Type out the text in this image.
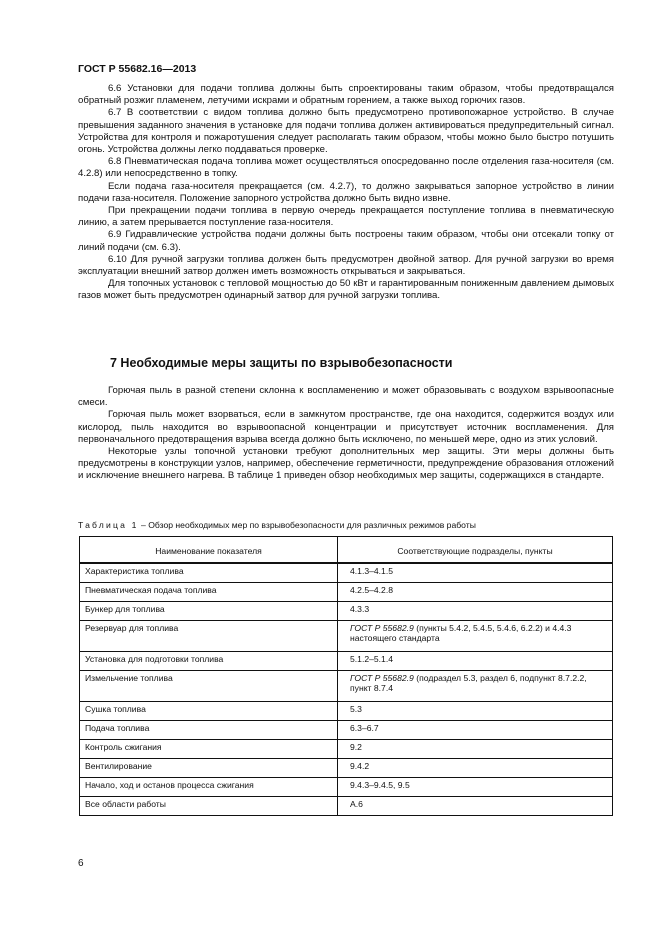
ГОСТ Р 55682.16—2013

6.6 Установки для подачи топлива должны быть спроектированы таким образом, чтобы предотвращался обратный розжиг пламенем, летучими искрами и обратным горением, а также выход горючих газов.

6.7 В соответствии с видом топлива должно быть предусмотрено противопожарное устройство. В случае превышения заданного значения в установке для подачи топлива должен активироваться предупредительный сигнал. Устройства для контроля и пожаротушения следует располагать таким образом, чтобы можно было быстро потушить огонь. Устройства должны легко поддаваться проверке.

6.8 Пневматическая подача топлива может осуществляться опосредованно после отделения газа-носителя (см. 4.2.8) или непосредственно в топку.

Если подача газа-носителя прекращается (см. 4.2.7), то должно закрываться запорное устройство в линии подачи газа-носителя. Положение запорного устройства должно быть видно извне.

При прекращении подачи топлива в первую очередь прекращается поступление топлива в пневматическую линию, а затем прерывается поступление газа-носителя.

6.9 Гидравлические устройства подачи должны быть построены таким образом, чтобы они отсекали топку от линий подачи (см. 6.3).

6.10 Для ручной загрузки топлива должен быть предусмотрен двойной затвор. Для ручной загрузки во время эксплуатации внешний затвор должен иметь возможность открываться и закрываться.

Для топочных установок с тепловой мощностью до 50 кВт и гарантированным пониженным давлением дымовых газов может быть предусмотрен одинарный затвор для ручной загрузки топлива.

7 Необходимые меры защиты по взрывобезопасности

Горючая пыль в разной степени склонна к воспламенению и может образовывать с воздухом взрывоопасные смеси.

Горючая пыль может взорваться, если в замкнутом пространстве, где она находится, содержится воздух или кислород, пыль находится во взрывоопасной концентрации и присутствует источник воспламенения. Для первоначального предотвращения взрыва всегда должно быть исключено, по меньшей мере, одно из этих условий.

Некоторые узлы топочной установки требуют дополнительных мер защиты. Эти меры должны быть предусмотрены в конструкции узлов, например, обеспечение герметичности, предупреждение образования отложений и исключение внешнего нагрева. В таблице 1 приведен обзор необходимых мер защиты, содержащихся в стандарте.

Таблица 1 – Обзор необходимых мер по взрывобезопасности для различных режимов работы
Наименование показателя	Соответствующие подразделы, пункты
Характеристика топлива	4.1.3–4.1.5
Пневматическая подача топлива	4.2.5–4.2.8
Бункер для топлива	4.3.3
Резервуар для топлива	ГОСТ Р 55682.9 (пункты 5.4.2, 5.4.5, 5.4.6, 6.2.2) и 4.4.3 настоящего стандарта
Установка для подготовки топлива	5.1.2–5.1.4
Измельчение топлива	ГОСТ Р 55682.9 (подраздел 5.3, раздел 6, подпункт 8.7.2.2, пункт 8.7.4
Сушка топлива	5.3
Подача топлива	6.3–6.7
Контроль сжигания	9.2
Вентилирование	9.4.2
Начало, ход и останов процесса сжигания	9.4.3–9.4.5, 9.5
Все области работы	А.6
6
